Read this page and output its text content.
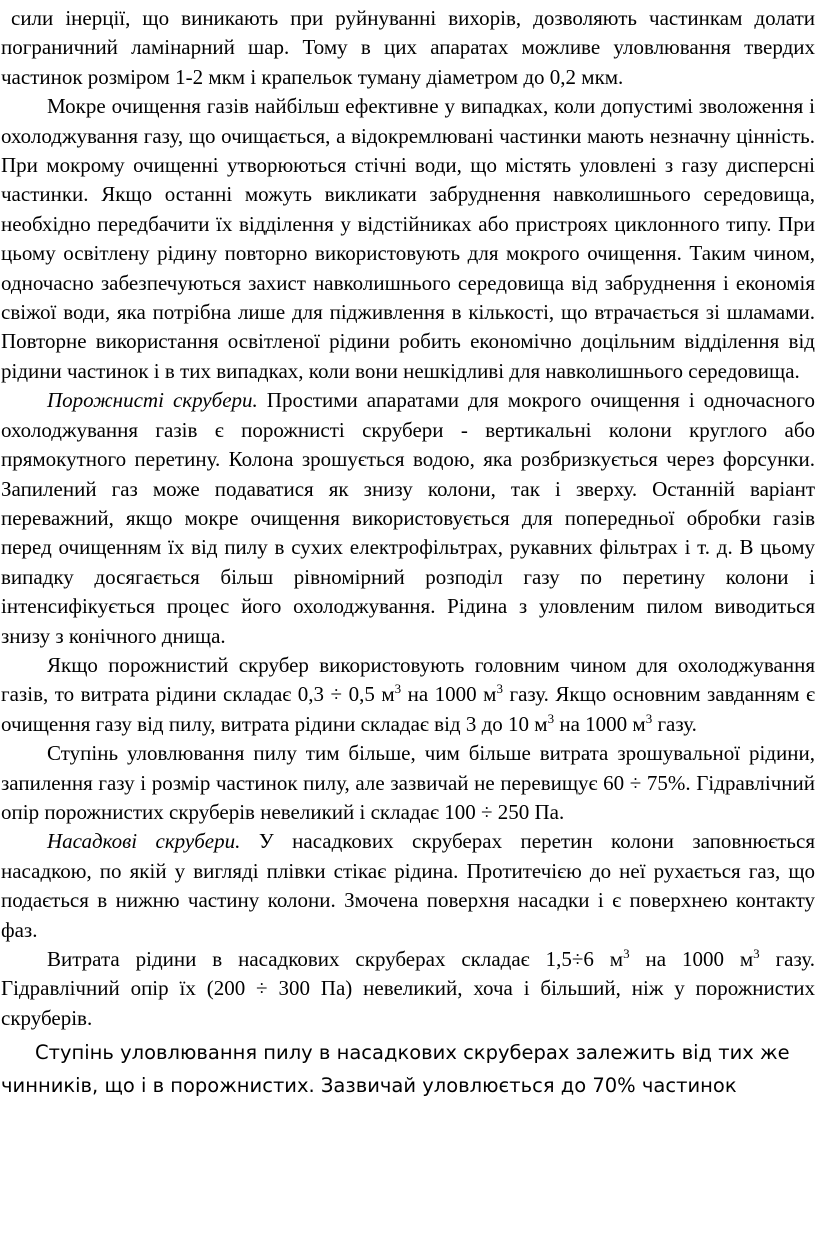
сили інерції, що виникають при руйнуванні вихорів, дозволяють частинкам долати пограничний ламінарний шар. Тому в цих апаратах можливе уловлювання твердих частинок розміром 1-2 мкм і крапельок туману діаметром до 0,2 мкм.

Мокре очищення газів найбільш ефективне у випадках, коли допустимі зволоження і охолоджування газу, що очищається, а відокремлювані частинки мають незначну цінність. При мокрому очищенні утворюються стічні води, що містять уловлені з газу дисперсні частинки. Якщо останні можуть викликати забруднення навколишнього середовища, необхідно передбачити їх відділення у відстійниках або пристроях циклонного типу. При цьому освітлену рідину повторно використовують для мокрого очищення. Таким чином, одночасно забезпечуються захист навколишнього середовища від забруднення і економія свіжої води, яка потрібна лише для підживлення в кількості, що втрачається зі шламами. Повторне використання освітленої рідини робить економічно доцільним відділення від рідини частинок і в тих випадках, коли вони нешкідливі для навколишнього середовища.

Порожнисті скрубери. Простими апаратами для мокрого очищення і одночасного охолоджування газів є порожнисті скрубери - вертикальні колони круглого або прямокутного перетину. Колона зрошується водою, яка розбризкується через форсунки. Запилений газ може подаватися як знизу колони, так і зверху. Останній варіант переважний, якщо мокре очищення використовується для попередньої обробки газів перед очищенням їх від пилу в сухих електрофільтрах, рукавних фільтрах і т. д. В цьому випадку досягається більш рівномірний розподіл газу по перетину колони і інтенсифікується процес його охолоджування. Рідина з уловленим пилом виводиться знизу з конічного днища.

Якщо порожнистий скрубер використовують головним чином для охолоджування газів, то витрата рідини складає 0,3 ÷ 0,5 $м^3$ на 1000 $м^3$ газу. Якщо основним завданням є очищення газу від пилу, витрата рідини складає від 3 до 10 $м^3$ на 1000 $м^3$ газу.

Ступінь уловлювання пилу тим більше, чим більше витрата зрошувальної рідини, запилення газу і розмір частинок пилу, але зазвичай не перевищує 60 ÷ 75%. Гідравлічний опір порожнистих скруберів невеликий і складає 100 ÷ 250 Па.

Насадкові скрубери. У насадкових скруберах перетин колони заповнюється насадкою, по якій у вигляді плівки стікає рідина. Протитечією до неї рухається газ, що подається в нижню частину колони. Змочена поверхня насадки і є поверхнею контакту фаз.

Витрата рідини в насадкових скруберах складає 1,5÷6 $м^3$ на 1000 $м^3$ газу. Гідравлічний опір їх (200 ÷ 300 Па) невеликий, хоча і більший, ніж у порожнистих скруберів.

Ступінь уловлювання пилу в насадкових скруберах залежить від тих же чинників, що і в порожнистих. Зазвичай уловлюється до 70% частинок
